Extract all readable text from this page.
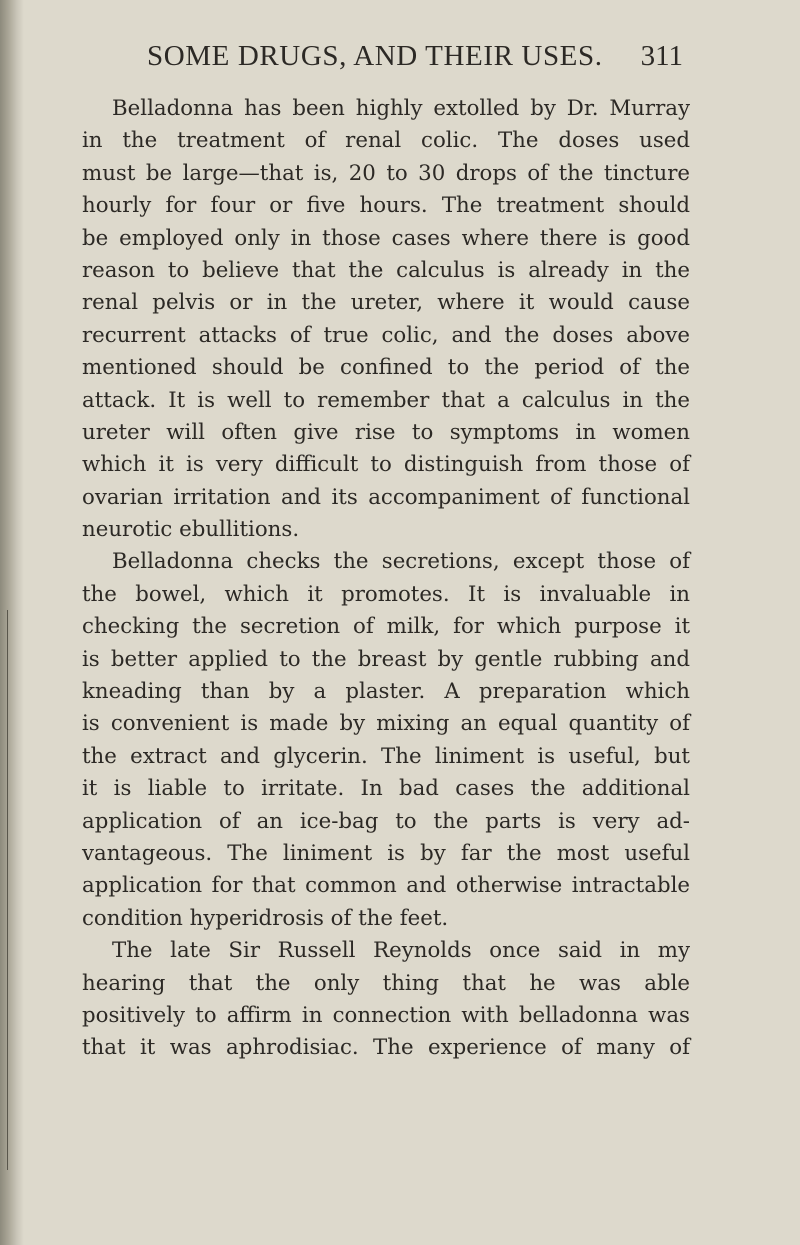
SOME DRUGS, AND THEIR USES. 311
Belladonna has been highly extolled by Dr. Murray
in the treatment of renal colic. The doses used
must be large—that is, 20 to 30 drops of the tincture
hourly for four or five hours. The treatment should
be employed only in those cases where there is good
reason to believe that the calculus is already in the
renal pelvis or in the ureter, where it would cause
recurrent attacks of true colic, and the doses above
mentioned should be confined to the period of the
attack. It is well to remember that a calculus in the
ureter will often give rise to symptoms in women
which it is very difficult to distinguish from those of
ovarian irritation and its accompaniment of functional
neurotic ebullitions.
Belladonna checks the secretions, except those of
the bowel, which it promotes. It is invaluable in
checking the secretion of milk, for which purpose it
is better applied to the breast by gentle rubbing and
kneading than by a plaster. A preparation which
is convenient is made by mixing an equal quantity of
the extract and glycerin. The liniment is useful, but
it is liable to irritate. In bad cases the additional
application of an ice-bag to the parts is very ad-
vantageous. The liniment is by far the most useful
application for that common and otherwise intractable
condition hyperidrosis of the feet.
The late Sir Russell Reynolds once said in my
hearing that the only thing that he was able
positively to affirm in connection with belladonna was
that it was aphrodisiac. The experience of many of
